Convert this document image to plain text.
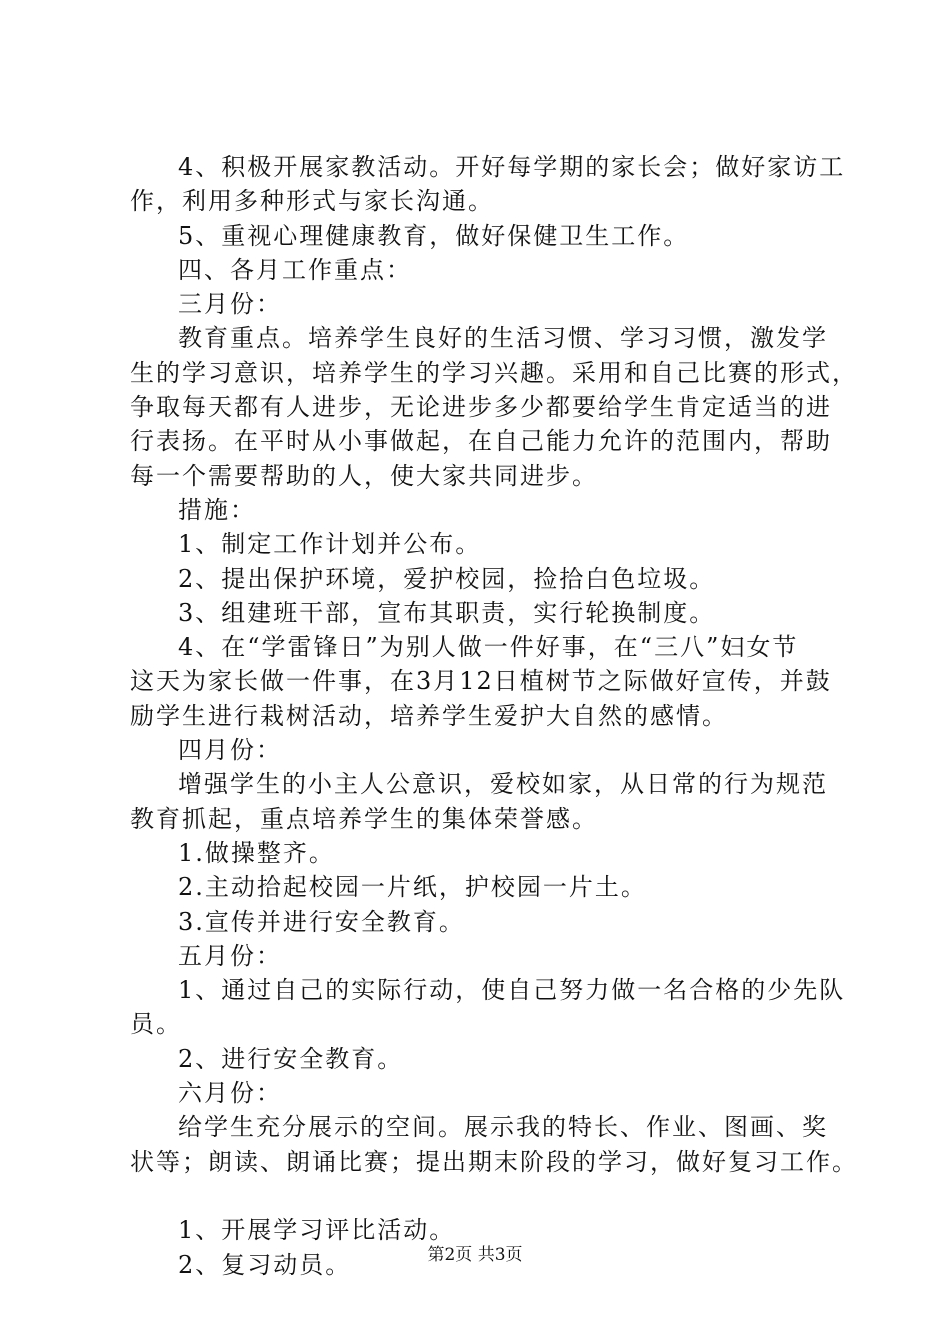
4、积极开展家教活动。开好每学期的家长会；做好家访工
作，利用多种形式与家长沟通。
5、重视心理健康教育，做好保健卫生工作。
四、各月工作重点：
三月份：
教育重点。培养学生良好的生活习惯、学习习惯，激发学
生的学习意识，培养学生的学习兴趣。采用和自己比赛的形式，
争取每天都有人进步，无论进步多少都要给学生肯定适当的进
行表扬。在平时从小事做起，在自己能力允许的范围内，帮助
每一个需要帮助的人，使大家共同进步。
措施：
1、制定工作计划并公布。
2、提出保护环境，爱护校园，捡拾白色垃圾。
3、组建班干部，宣布其职责，实行轮换制度。
4、在“学雷锋日”为别人做一件好事，在“三八”妇女节
这天为家长做一件事，在3月12日植树节之际做好宣传，并鼓
励学生进行栽树活动，培养学生爱护大自然的感情。
四月份：
增强学生的小主人公意识，爱校如家，从日常的行为规范
教育抓起，重点培养学生的集体荣誉感。
1.做操整齐。
2.主动拾起校园一片纸，护校园一片土。
3.宣传并进行安全教育。
五月份：
1、通过自己的实际行动，使自己努力做一名合格的少先队
员。
2、进行安全教育。
六月份：
给学生充分展示的空间。展示我的特长、作业、图画、奖
状等；朗读、朗诵比赛；提出期末阶段的学习，做好复习工作。
1、开展学习评比活动。
2、复习动员。	第2页 共3页
